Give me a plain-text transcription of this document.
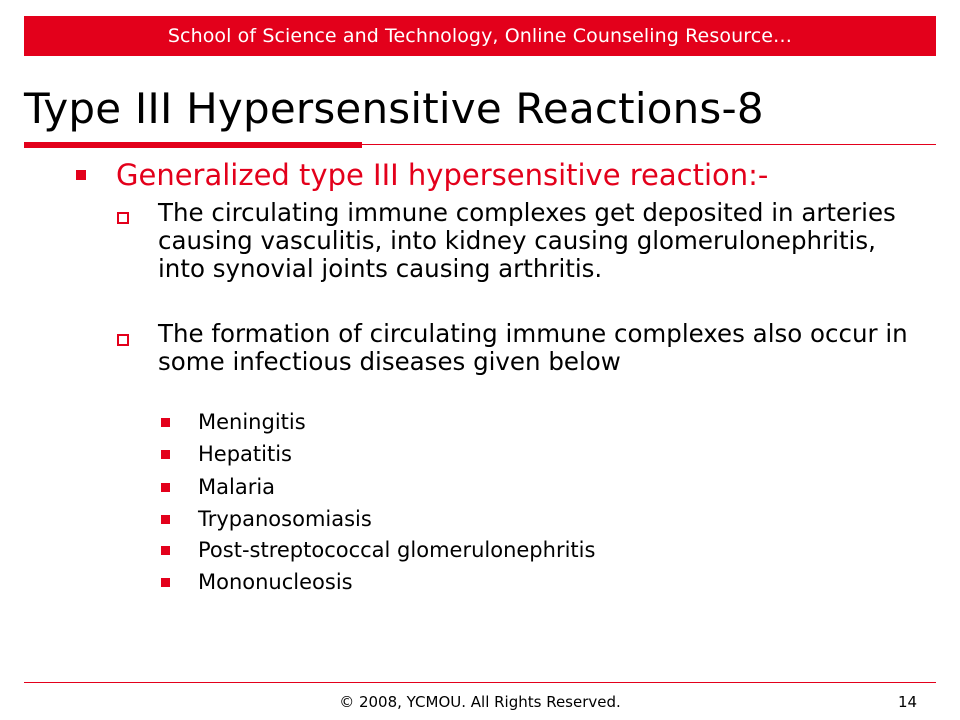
School of Science and Technology, Online Counseling Resource…
Type III Hypersensitive Reactions-8
Generalized type III hypersensitive reaction:-
The circulating immune complexes get deposited in arteries causing vasculitis, into kidney causing glomerulonephritis, into synovial joints causing arthritis.
The formation of circulating immune complexes also occur in some infectious diseases given below
Meningitis
Hepatitis
Malaria
Trypanosomiasis
Post-streptococcal glomerulonephritis
Mononucleosis
© 2008, YCMOU. All Rights Reserved.	14
